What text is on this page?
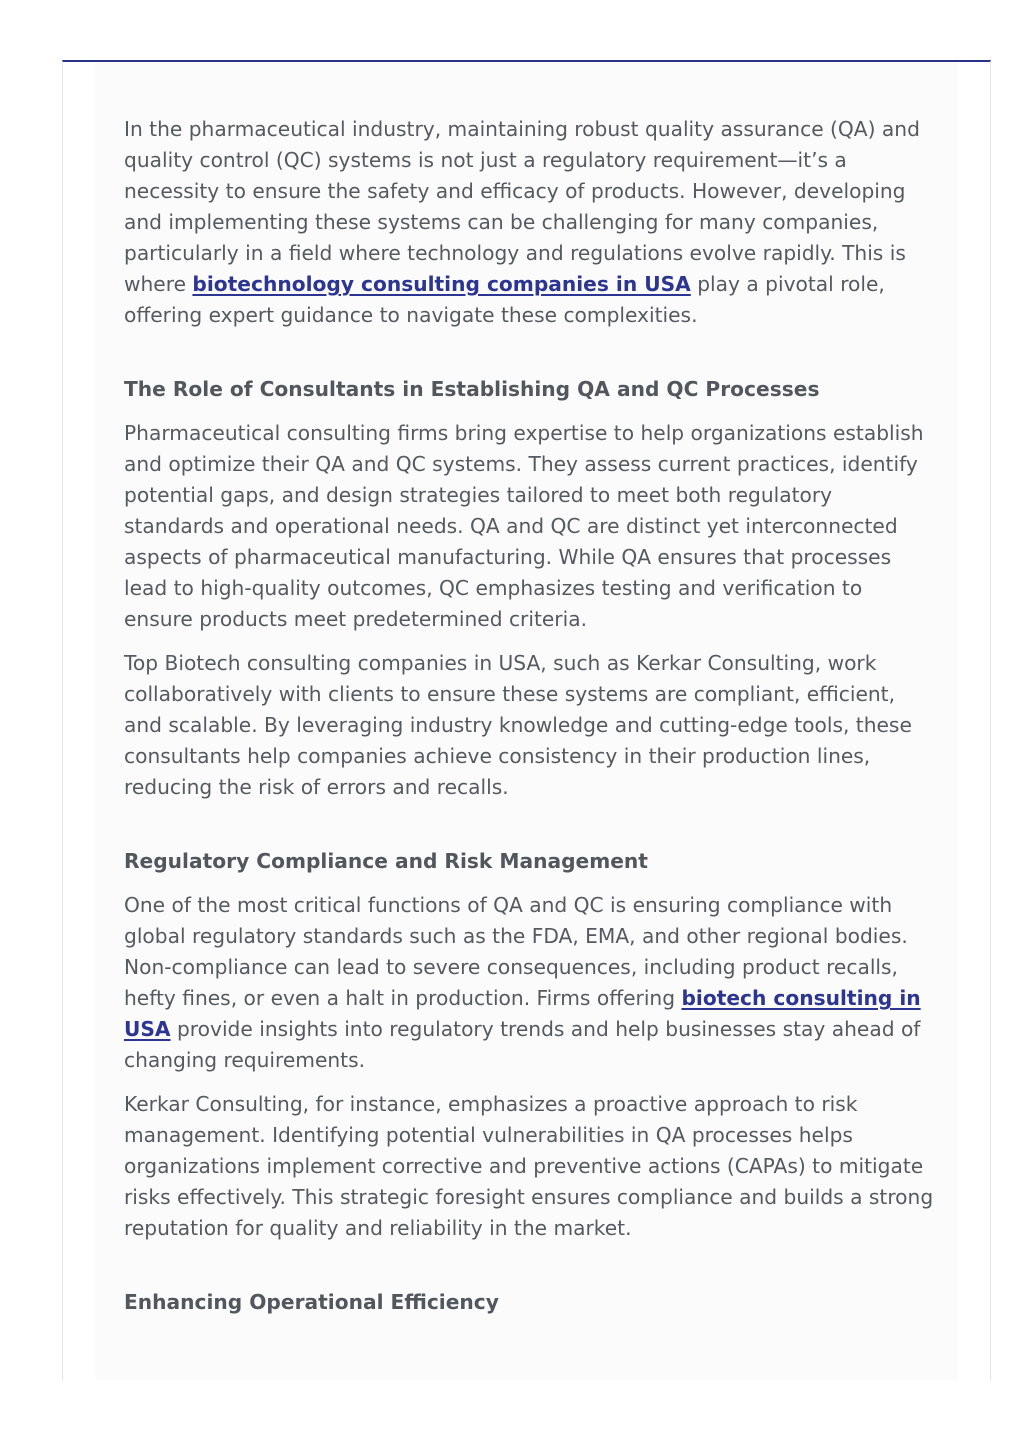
In the pharmaceutical industry, maintaining robust quality assurance (QA) and quality control (QC) systems is not just a regulatory requirement—it’s a necessity to ensure the safety and efficacy of products. However, developing and implementing these systems can be challenging for many companies, particularly in a field where technology and regulations evolve rapidly. This is where biotechnology consulting companies in USA play a pivotal role, offering expert guidance to navigate these complexities.

The Role of Consultants in Establishing QA and QC Processes

Pharmaceutical consulting firms bring expertise to help organizations establish and optimize their QA and QC systems. They assess current practices, identify potential gaps, and design strategies tailored to meet both regulatory standards and operational needs. QA and QC are distinct yet interconnected aspects of pharmaceutical manufacturing. While QA ensures that processes lead to high-quality outcomes, QC emphasizes testing and verification to ensure products meet predetermined criteria.

Top Biotech consulting companies in USA, such as Kerkar Consulting, work collaboratively with clients to ensure these systems are compliant, efficient, and scalable. By leveraging industry knowledge and cutting-edge tools, these consultants help companies achieve consistency in their production lines, reducing the risk of errors and recalls.

Regulatory Compliance and Risk Management

One of the most critical functions of QA and QC is ensuring compliance with global regulatory standards such as the FDA, EMA, and other regional bodies. Non-compliance can lead to severe consequences, including product recalls, hefty fines, or even a halt in production. Firms offering biotech consulting in USA provide insights into regulatory trends and help businesses stay ahead of changing requirements.

Kerkar Consulting, for instance, emphasizes a proactive approach to risk management. Identifying potential vulnerabilities in QA processes helps organizations implement corrective and preventive actions (CAPAs) to mitigate risks effectively. This strategic foresight ensures compliance and builds a strong reputation for quality and reliability in the market.

Enhancing Operational Efficiency
